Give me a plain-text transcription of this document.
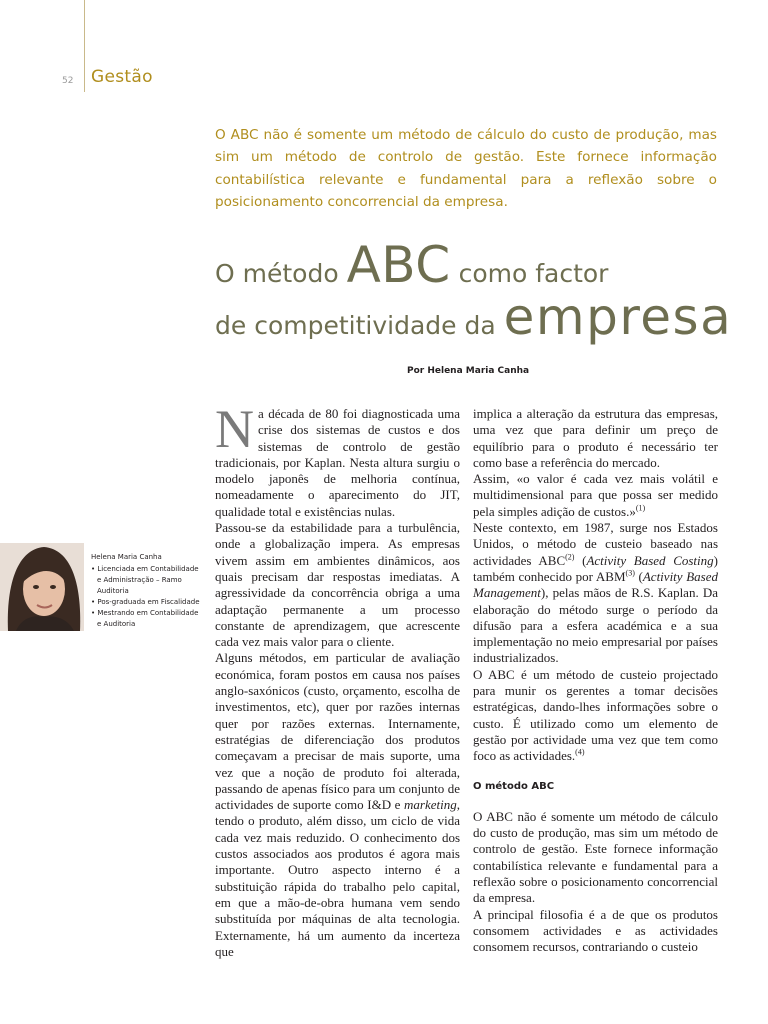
52 Gestão
O ABC não é somente um método de cálculo do custo de produção, mas sim um método de controlo de gestão. Este fornece informação contabilística relevante e fundamental para a reflexão sobre o posicionamento concorrencial da empresa.
O método ABC como factor
de competitividade da empresa
Por Helena Maria Canha
Helena Maria Canha
• Licenciada em Contabilidade e Administração – Ramo Auditoria
• Pos-graduada em Fiscalidade
• Mestrando em Contabilidade e Auditoria

Na década de 80 foi diagnosticada uma crise dos sistemas de custos e dos sistemas de controlo de gestão tradicionais, por Kaplan. Nesta altura surgiu o modelo japonês de melhoria contínua, nomeadamente o aparecimento do JIT, qualidade total e existências nulas.

Passou-se da estabilidade para a turbulência, onde a globalização impera. As empresas vivem assim em ambientes dinâmicos, aos quais precisam dar respostas imediatas. A agressividade da concorrência obriga a uma adaptação permanente a um processo constante de aprendizagem, que acrescente cada vez mais valor para o cliente.

Alguns métodos, em particular de avaliação económica, foram postos em causa nos países anglo-saxónicos (custo, orçamento, escolha de investimentos, etc), quer por razões internas quer por razões externas. Internamente, estratégias de diferenciação dos produtos começavam a precisar de mais suporte, uma vez que a noção de produto foi alterada, passando de apenas físico para um conjunto de actividades de suporte como I&D e marketing, tendo o produto, além disso, um ciclo de vida cada vez mais reduzido. O conhecimento dos custos associados aos produtos é agora mais importante. Outro aspecto interno é a substituição rápida do trabalho pelo capital, em que a mão-de-obra humana vem sendo substituída por máquinas de alta tecnologia. Externamente, há um aumento da incerteza que

implica a alteração da estrutura das empresas, uma vez que para definir um preço de equilíbrio para o produto é necessário ter como base a referência do mercado.

Assim, «o valor é cada vez mais volátil e multidimensional para que possa ser medido pela simples adição de custos.»$^{(1)}$

Neste contexto, em 1987, surge nos Estados Unidos, o método de custeio baseado nas actividades ABC$^{(2)}$ (Activity Based Costing) também conhecido por ABM$^{(3)}$ (Activity Based Management), pelas mãos de R.S. Kaplan. Da elaboração do método surge o período da difusão para a esfera académica e a sua implementação no meio empresarial por países industrializados.

O ABC é um método de custeio projectado para munir os gerentes a tomar decisões estratégicas, dando-lhes informações sobre o custo. É utilizado como um elemento de gestão por actividade uma vez que tem como foco as actividades.$^{(4)}$

O método ABC

O ABC não é somente um método de cálculo do custo de produção, mas sim um método de controlo de gestão. Este fornece informação contabilística relevante e fundamental para a reflexão sobre o posicionamento concorrencial da empresa.

A principal filosofia é a de que os produtos consomem actividades e as actividades consomem recursos, contrariando o custeio
